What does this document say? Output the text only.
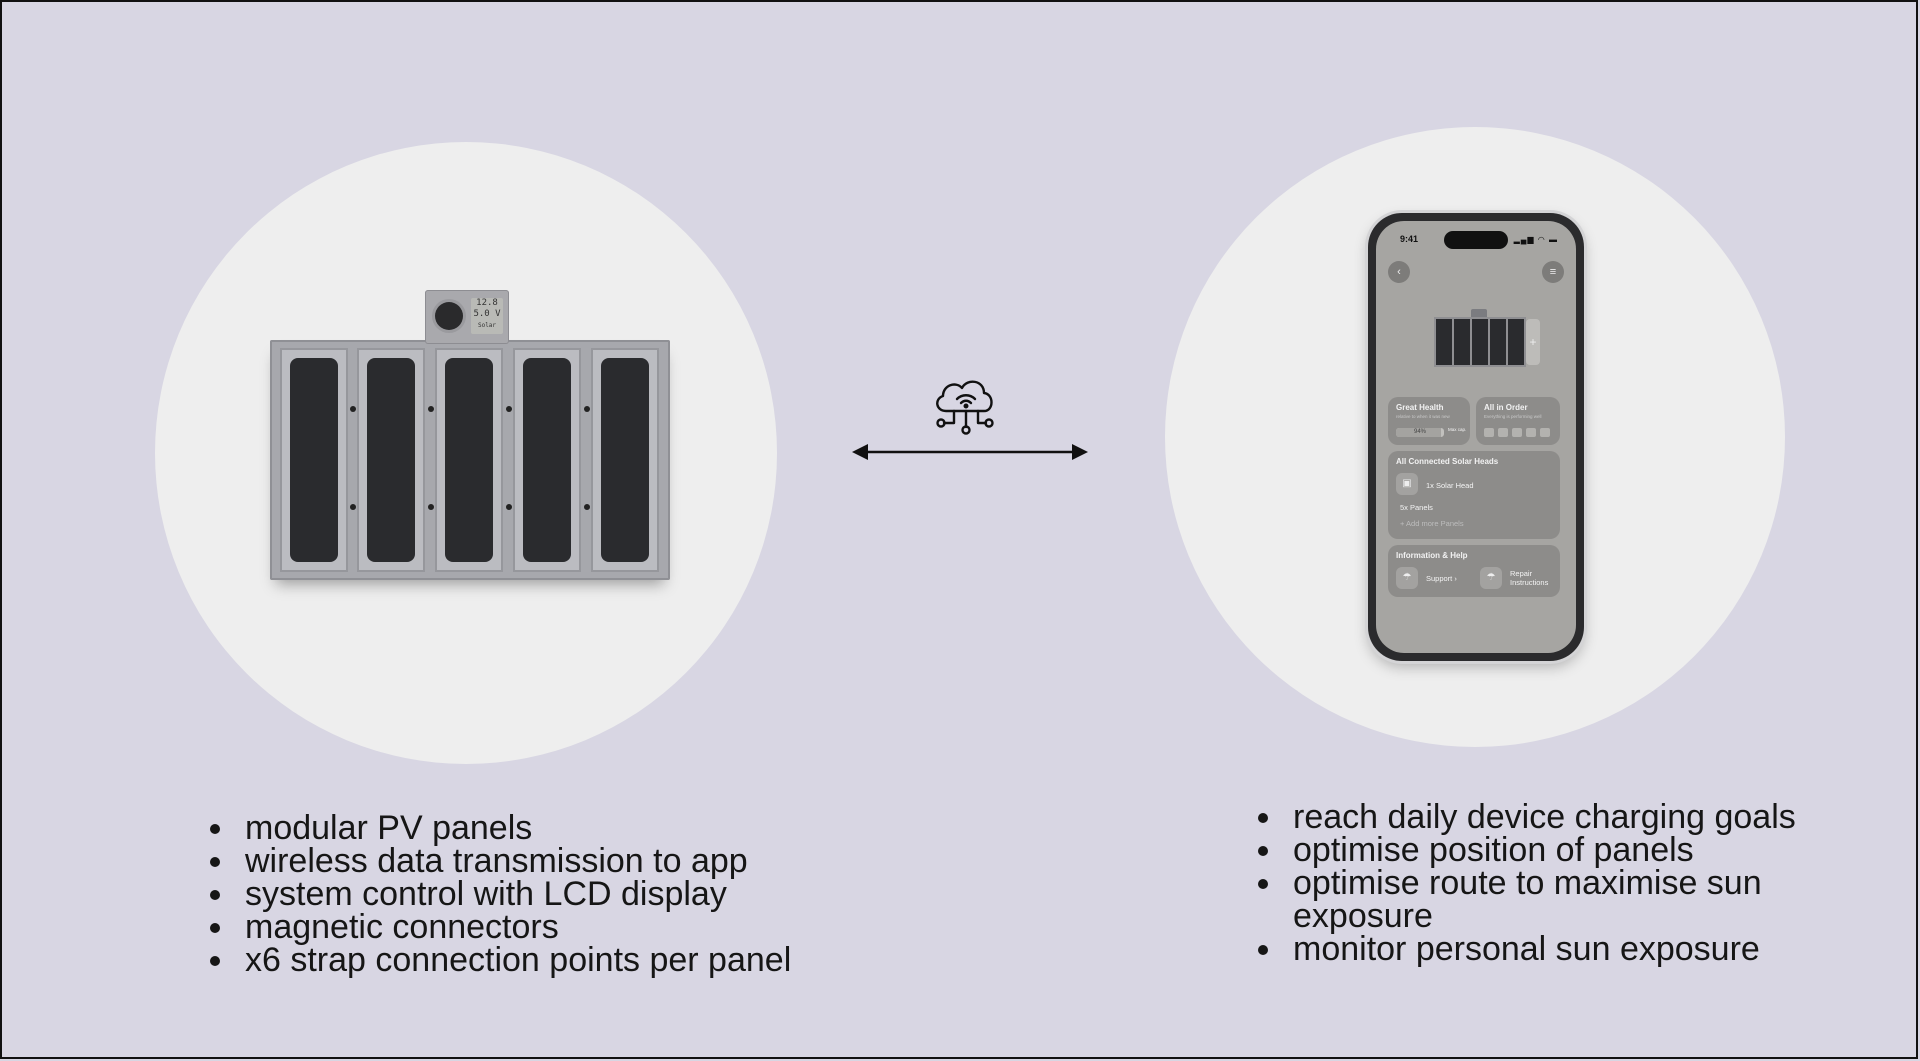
12.8
5.0 V
Solar
9:41	▂▄▆ ◠ ▬
‹	≡
+
Great Health
relative to when it was new
94%	Max cap.
All in Order
Everything is performing well
All Connected Solar Heads
▣	1x Solar Head
5x Panels
+ Add more Panels
Information & Help
☂	Support ›	☂	Repair
Instructions
• modular PV panels
• wireless data transmission to app
• system control with LCD display
• magnetic connectors
• x6 strap connection points per panel
• reach daily device charging goals
• optimise position of panels
• optimise route to maximise sun exposure
• monitor personal sun exposure
